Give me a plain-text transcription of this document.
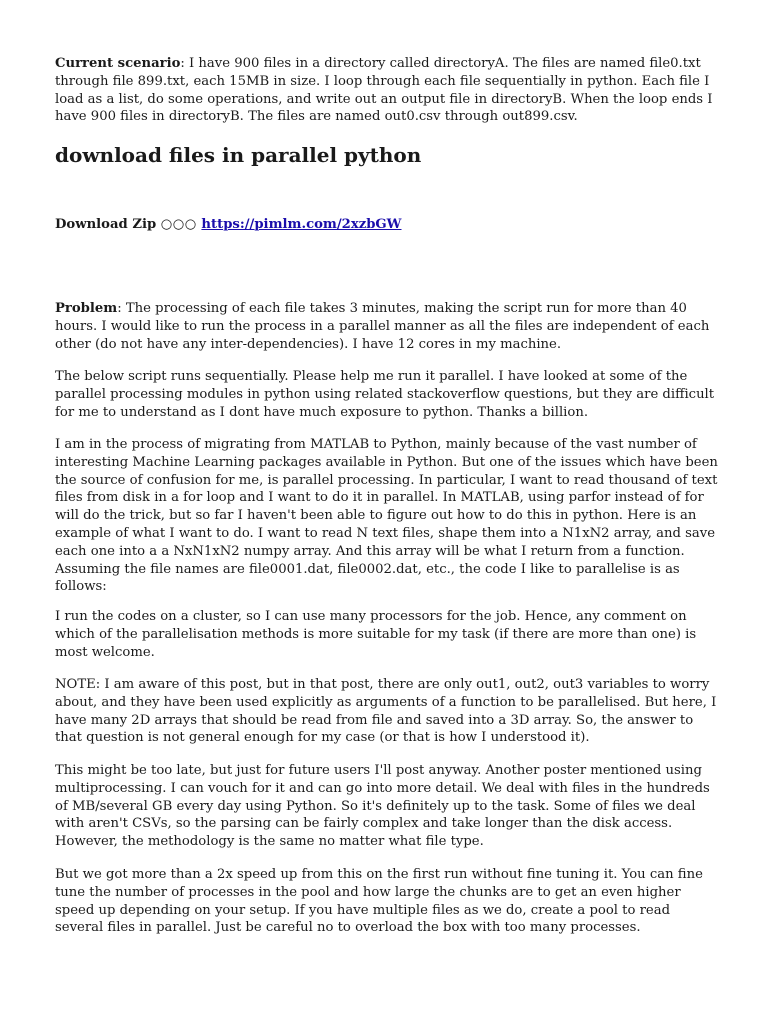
Current scenario: I have 900 files in a directory called directoryA. The files are named file0.txt through file 899.txt, each 15MB in size. I loop through each file sequentially in python. Each file I load as a list, do some operations, and write out an output file in directoryB. When the loop ends I have 900 files in directoryB. The files are named out0.csv through out899.csv.

download files in parallel python

Download Zip ○○○ https://pimlm.com/2xzbGW

Problem: The processing of each file takes 3 minutes, making the script run for more than 40 hours. I would like to run the process in a parallel manner as all the files are independent of each other (do not have any inter-dependencies). I have 12 cores in my machine.

The below script runs sequentially. Please help me run it parallel. I have looked at some of the parallel processing modules in python using related stackoverflow questions, but they are difficult for me to understand as I dont have much exposure to python. Thanks a billion.

I am in the process of migrating from MATLAB to Python, mainly because of the vast number of interesting Machine Learning packages available in Python. But one of the issues which have been the source of confusion for me, is parallel processing. In particular, I want to read thousand of text files from disk in a for loop and I want to do it in parallel. In MATLAB, using parfor instead of for will do the trick, but so far I haven't been able to figure out how to do this in python. Here is an example of what I want to do. I want to read N text files, shape them into a N1xN2 array, and save each one into a a NxN1xN2 numpy array. And this array will be what I return from a function. Assuming the file names are file0001.dat, file0002.dat, etc., the code I like to parallelise is as follows:

I run the codes on a cluster, so I can use many processors for the job. Hence, any comment on which of the parallelisation methods is more suitable for my task (if there are more than one) is most welcome.

NOTE: I am aware of this post, but in that post, there are only out1, out2, out3 variables to worry about, and they have been used explicitly as arguments of a function to be parallelised. But here, I have many 2D arrays that should be read from file and saved into a 3D array. So, the answer to that question is not general enough for my case (or that is how I understood it).

This might be too late, but just for future users I'll post anyway. Another poster mentioned using multiprocessing. I can vouch for it and can go into more detail. We deal with files in the hundreds of MB/several GB every day using Python. So it's definitely up to the task. Some of files we deal with aren't CSVs, so the parsing can be fairly complex and take longer than the disk access. However, the methodology is the same no matter what file type.

But we got more than a 2x speed up from this on the first run without fine tuning it. You can fine tune the number of processes in the pool and how large the chunks are to get an even higher speed up depending on your setup. If you have multiple files as we do, create a pool to read several files in parallel. Just be careful no to overload the box with too many processes.
